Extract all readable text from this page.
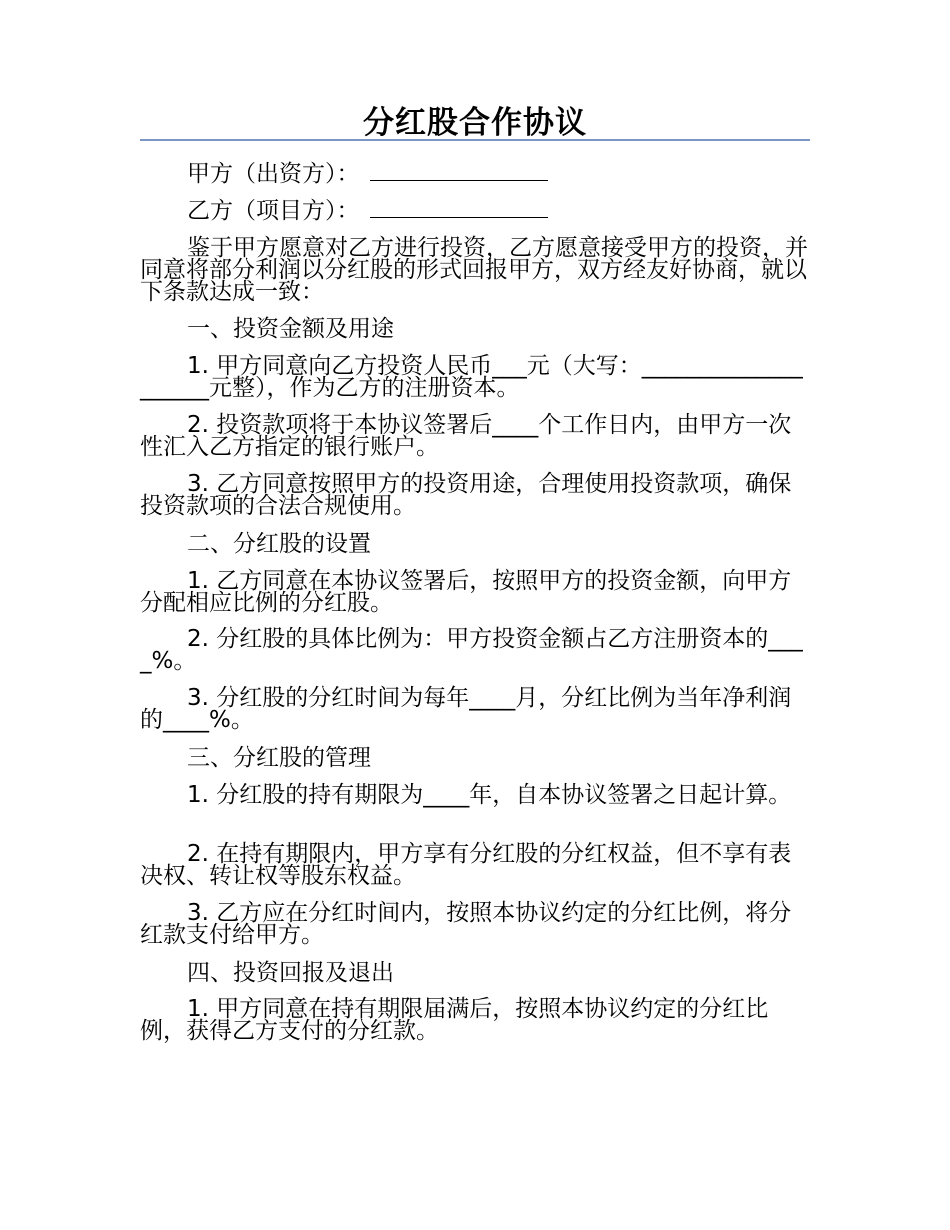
分红股合作协议
甲方（出资方）：
乙方（项目方）：
鉴于甲方愿意对乙方进行投资，乙方愿意接受甲方的投资，并同意将部分利润以分红股的形式回报甲方，双方经友好协商，就以下条款达成一致：
一、投资金额及用途
1. 甲方同意向乙方投资人民币___元（大写：____________________元整），作为乙方的注册资本。
2. 投资款项将于本协议签署后____个工作日内，由甲方一次性汇入乙方指定的银行账户。
3. 乙方同意按照甲方的投资用途，合理使用投资款项，确保投资款项的合法合规使用。
二、分红股的设置
1. 乙方同意在本协议签署后，按照甲方的投资金额，向甲方分配相应比例的分红股。
2. 分红股的具体比例为：甲方投资金额占乙方注册资本的____%。
3. 分红股的分红时间为每年____月，分红比例为当年净利润的____%。
三、分红股的管理
1. 分红股的持有期限为____年，自本协议签署之日起计算。
2. 在持有期限内，甲方享有分红股的分红权益，但不享有表决权、转让权等股东权益。
3. 乙方应在分红时间内，按照本协议约定的分红比例，将分红款支付给甲方。
四、投资回报及退出
1. 甲方同意在持有期限届满后，按照本协议约定的分红比例，获得乙方支付的分红款。
